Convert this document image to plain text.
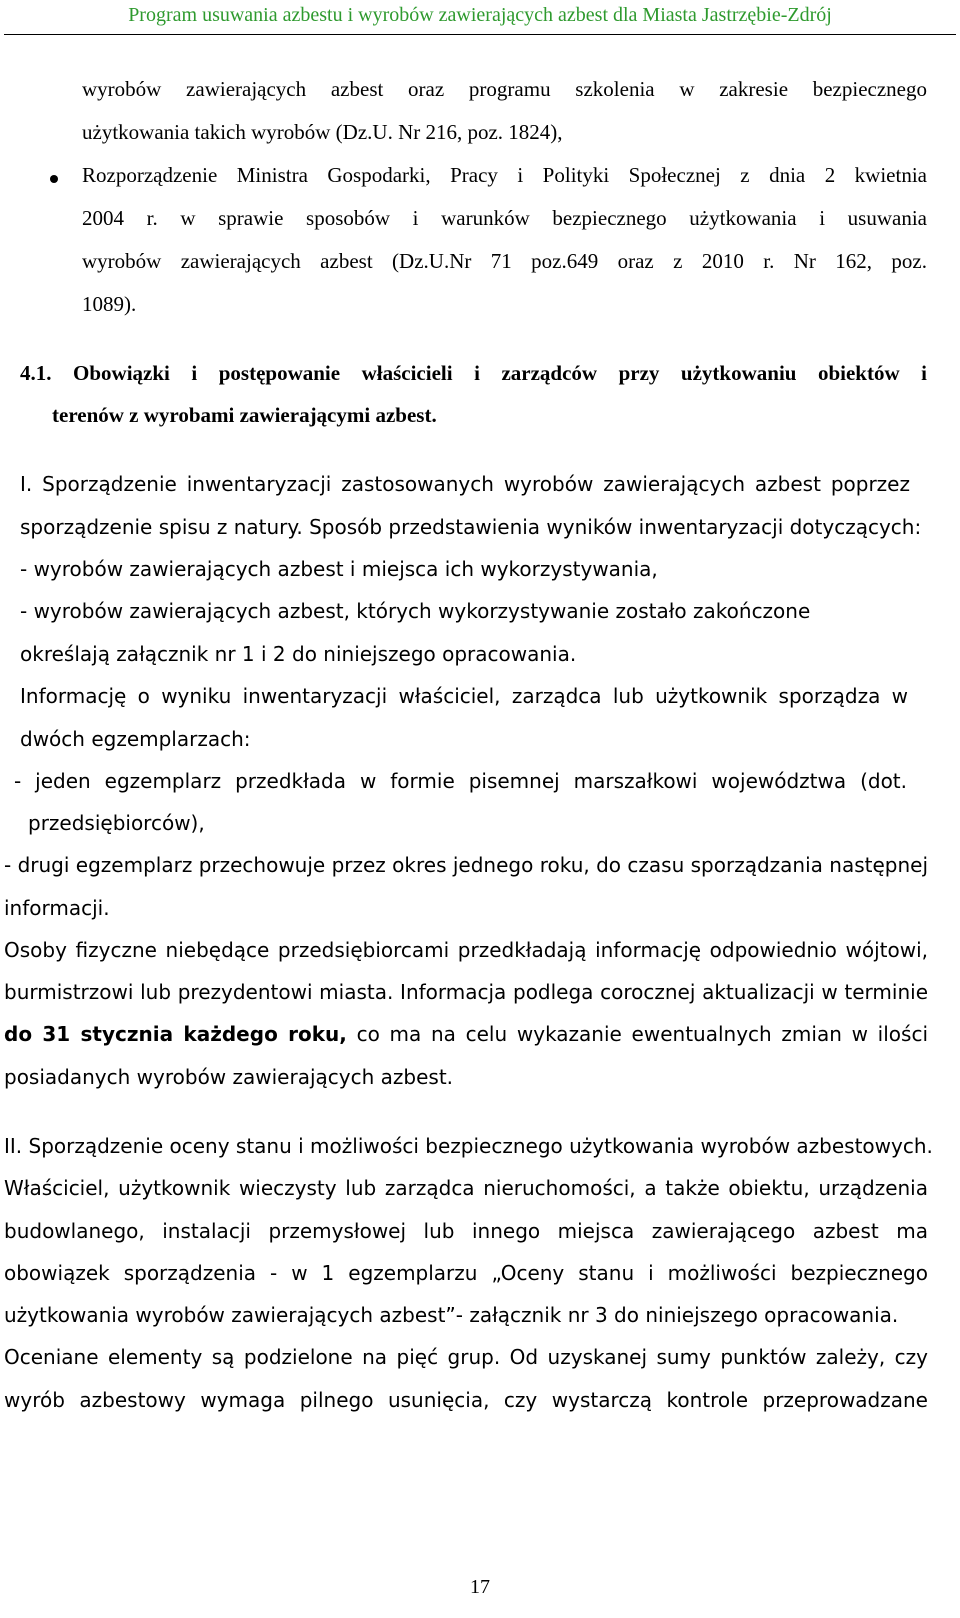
Program usuwania azbestu i wyrobów zawierających azbest dla Miasta Jastrzębie-Zdrój
wyrobów zawierających azbest oraz programu szkolenia w zakresie bezpiecznego
użytkowania takich wyrobów (Dz.U. Nr 216, poz. 1824),
Rozporządzenie Ministra Gospodarki, Pracy i Polityki Społecznej z dnia 2 kwietnia
2004 r. w sprawie sposobów i warunków bezpiecznego użytkowania i usuwania
wyrobów zawierających azbest (Dz.U.Nr 71 poz.649 oraz z 2010 r. Nr 162, poz.
1089).
4.1. Obowiązki i postępowanie właścicieli i zarządców przy użytkowaniu obiektów i
terenów z wyrobami zawierającymi azbest.
I. Sporządzenie inwentaryzacji zastosowanych wyrobów zawierających azbest poprzez
sporządzenie spisu z natury. Sposób przedstawienia wyników inwentaryzacji dotyczących:
- wyrobów zawierających azbest i miejsca ich wykorzystywania,
- wyrobów zawierających azbest, których wykorzystywanie zostało zakończone
określają załącznik nr 1 i 2 do niniejszego opracowania.
Informację o wyniku inwentaryzacji właściciel, zarządca lub użytkownik sporządza w
dwóch egzemplarzach:
- jeden egzemplarz przedkłada w formie pisemnej marszałkowi województwa (dot.
przedsiębiorców),
- drugi egzemplarz przechowuje przez okres jednego roku, do czasu sporządzania następnej
informacji.
Osoby fizyczne niebędące przedsiębiorcami przedkładają informację odpowiednio wójtowi,
burmistrzowi lub prezydentowi miasta. Informacja podlega corocznej aktualizacji w terminie
do 31 stycznia każdego roku, co ma na celu wykazanie ewentualnych zmian w ilości
posiadanych wyrobów zawierających azbest.
II. Sporządzenie oceny stanu i możliwości bezpiecznego użytkowania wyrobów azbestowych.
Właściciel, użytkownik wieczysty lub zarządca nieruchomości, a także obiektu, urządzenia
budowlanego, instalacji przemysłowej lub innego miejsca zawierającego azbest ma
obowiązek sporządzenia - w 1 egzemplarzu „Oceny stanu i możliwości bezpiecznego
użytkowania wyrobów zawierających azbest”- załącznik nr 3 do niniejszego opracowania.
Oceniane elementy są podzielone na pięć grup. Od uzyskanej sumy punktów zależy, czy
wyrób azbestowy wymaga pilnego usunięcia, czy wystarczą kontrole przeprowadzane
17
